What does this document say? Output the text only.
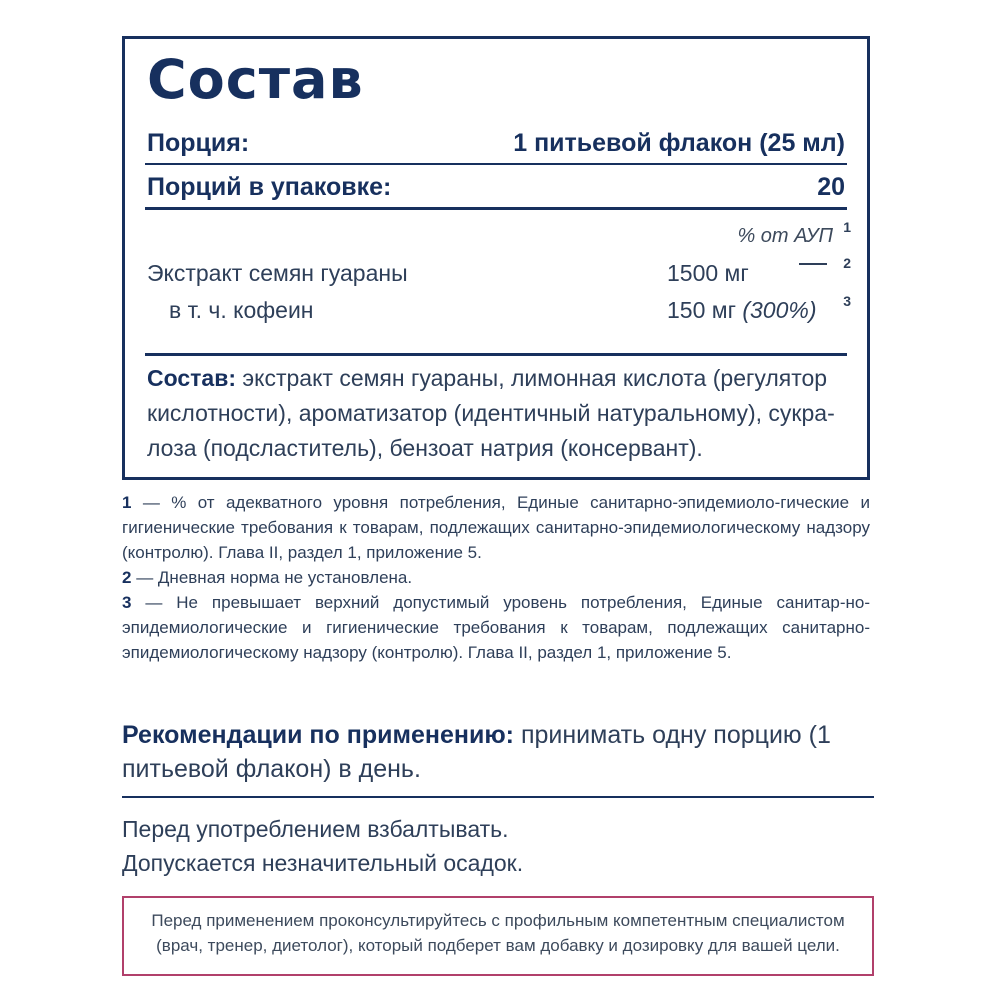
Состав
Порция:	1 питьевой флакон (25 мл)
Порций в упаковке:	20
% от АУП 1
Экстракт семян гуараны	1500 мг	2
в т. ч. кофеин	150 мг (300%) 3

Состав: экстракт семян гуараны, лимонная кислота (регулятор кислотности), ароматизатор (идентичный натуральному), сукра-лоза (подсластитель), бензоат натрия (консервант).

1 — % от адекватного уровня потребления, Единые санитарно-эпидемиоло-гические и гигиенические требования к товарам, подлежащих санитарно-эпидемиологическому надзору (контролю). Глава II, раздел 1, приложение 5.
2 — Дневная норма не установлена.
3 — Не превышает верхний допустимый уровень потребления, Единые санитар-но-эпидемиологические и гигиенические требования к товарам, подлежащих санитарно-эпидемиологическому надзору (контролю). Глава II, раздел 1, приложение 5.

Рекомендации по применению: принимать одну порцию (1 питьевой флакон) в день.

Перед употреблением взбалтывать.
Допускается незначительный осадок.
Перед применением проконсультируйтесь с профильным компетентным специалистом (врач, тренер, диетолог), который подберет вам добавку и дозировку для вашей цели.
